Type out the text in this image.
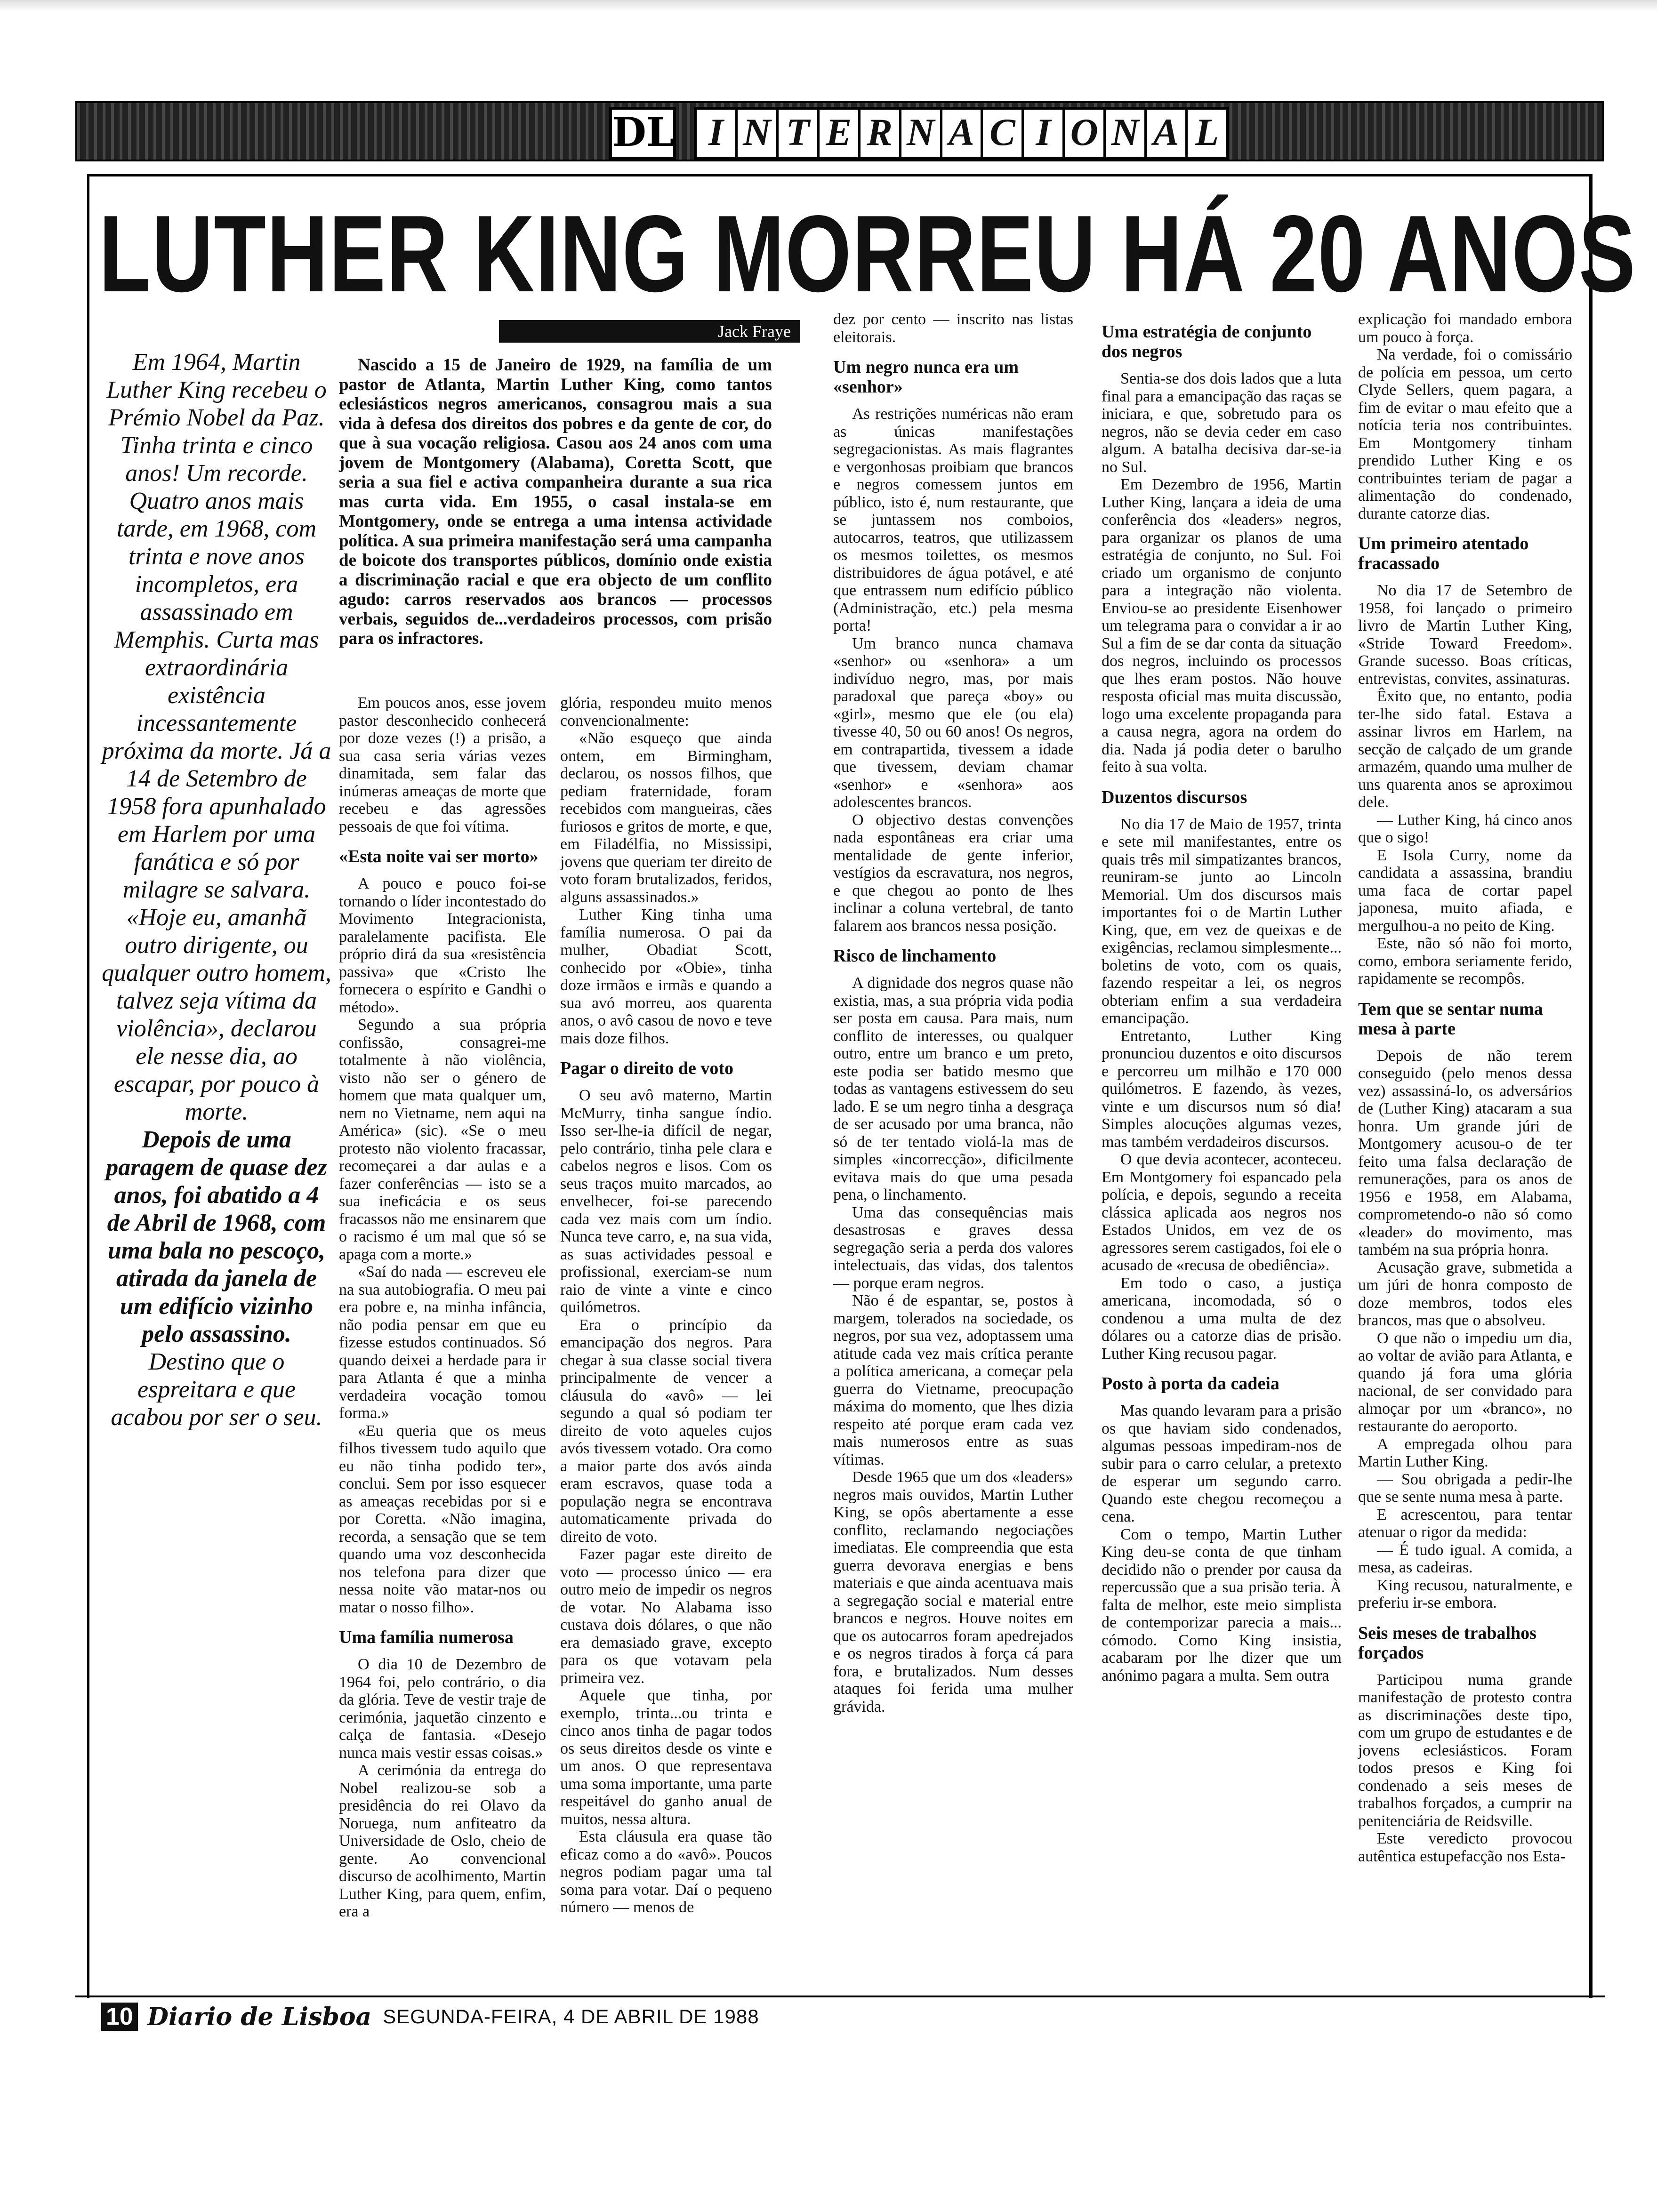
DL I N T E R N A C I O N A L
LUTHER KING MORREU HÁ 20 ANOS
Jack Fraye

Em 1964, Martin Luther King recebeu o Prémio Nobel da Paz. Tinha trinta e cinco anos! Um recorde. Quatro anos mais tarde, em 1968, com trinta e nove anos incompletos, era assassinado em Memphis. Curta mas extraordinária existência incessantemente próxima da morte. Já a 14 de Setembro de 1958 fora apunhalado em Harlem por uma fanática e só por milagre se salvara. «Hoje eu, amanhã outro dirigente, ou qualquer outro homem, talvez seja vítima da violência», declarou ele nesse dia, ao escapar, por pouco à morte.

Depois de uma paragem de quase dez anos, foi abatido a 4 de Abril de 1968, com uma bala no pescoço, atirada da janela de um edifício vizinho pelo assassino.

Destino que o espreitara e que acabou por ser o seu.

Nascido a 15 de Janeiro de 1929, na família de um pastor de Atlanta, Martin Luther King, como tantos eclesiásticos negros americanos, consagrou mais a sua vida à defesa dos direitos dos pobres e da gente de cor, do que à sua vocação religiosa. Casou aos 24 anos com uma jovem de Montgomery (Alabama), Coretta Scott, que seria a sua fiel e activa companheira durante a sua rica mas curta vida. Em 1955, o casal instala-se em Montgomery, onde se entrega a uma intensa actividade política. A sua primeira manifestação será uma campanha de boicote dos transportes públicos, domínio onde existia a discriminação racial e que era objecto de um conflito agudo: carros reservados aos brancos — processos verbais, seguidos de...verdadeiros processos, com prisão para os infractores.

Em poucos anos, esse jovem pastor desconhecido conhecerá por doze vezes (!) a prisão, a sua casa seria várias vezes dinamitada, sem falar das inúmeras ameaças de morte que recebeu e das agressões pessoais de que foi vítima.

«Esta noite vai ser morto»

A pouco e pouco foi-se tornando o líder incontestado do Movimento Integracionista, paralelamente pacifista. Ele próprio dirá da sua «resistência passiva» que «Cristo lhe fornecera o espírito e Gandhi o método».

Segundo a sua própria confissão, consagrei-me totalmente à não violência, visto não ser o género de homem que mata qualquer um, nem no Vietname, nem aqui na América» (sic). «Se o meu protesto não violento fracassar, recomeçarei a dar aulas e a fazer conferências — isto se a sua ineficácia e os seus fracassos não me ensinarem que o racismo é um mal que só se apaga com a morte.»

«Saí do nada — escreveu ele na sua autobiografia. O meu pai era pobre e, na minha infância, não podia pensar em que eu fizesse estudos continuados. Só quando deixei a herdade para ir para Atlanta é que a minha verdadeira vocação tomou forma.»

«Eu queria que os meus filhos tivessem tudo aquilo que eu não tinha podido ter», conclui. Sem por isso esquecer as ameaças recebidas por si e por Coretta. «Não imagina, recorda, a sensação que se tem quando uma voz desconhecida nos telefona para dizer que nessa noite vão matar-nos ou matar o nosso filho».

Uma família numerosa

O dia 10 de Dezembro de 1964 foi, pelo contrário, o dia da glória. Teve de vestir traje de cerimónia, jaquetão cinzento e calça de fantasia. «Desejo nunca mais vestir essas coisas.»

A cerimónia da entrega do Nobel realizou-se sob a presidência do rei Olavo da Noruega, num anfiteatro da Universidade de Oslo, cheio de gente. Ao convencional discurso de acolhimento, Martin Luther King, para quem, enfim, era a

glória, respondeu muito menos convencionalmente:

«Não esqueço que ainda ontem, em Birmingham, declarou, os nossos filhos, que pediam fraternidade, foram recebidos com mangueiras, cães furiosos e gritos de morte, e que, em Filadélfia, no Mississipi, jovens que queriam ter direito de voto foram brutalizados, feridos, alguns assassinados.»

Luther King tinha uma família numerosa. O pai da mulher, Obadiat Scott, conhecido por «Obie», tinha doze irmãos e irmãs e quando a sua avó morreu, aos quarenta anos, o avô casou de novo e teve mais doze filhos.

Pagar o direito de voto

O seu avô materno, Martin McMurry, tinha sangue índio. Isso ser-lhe-ia difícil de negar, pelo contrário, tinha pele clara e cabelos negros e lisos. Com os seus traços muito marcados, ao envelhecer, foi-se parecendo cada vez mais com um índio. Nunca teve carro, e, na sua vida, as suas actividades pessoal e profissional, exerciam-se num raio de vinte a vinte e cinco quilómetros.

Era o princípio da emancipação dos negros. Para chegar à sua classe social tivera principalmente de vencer a cláusula do «avô» — lei segundo a qual só podiam ter direito de voto aqueles cujos avós tivessem votado. Ora como a maior parte dos avós ainda eram escravos, quase toda a população negra se encontrava automaticamente privada do direito de voto.

Fazer pagar este direito de voto — processo único — era outro meio de impedir os negros de votar. No Alabama isso custava dois dólares, o que não era demasiado grave, excepto para os que votavam pela primeira vez.

Aquele que tinha, por exemplo, trinta...ou trinta e cinco anos tinha de pagar todos os seus direitos desde os vinte e um anos. O que representava uma soma importante, uma parte respeitável do ganho anual de muitos, nessa altura.

Esta cláusula era quase tão eficaz como a do «avô». Poucos negros podiam pagar uma tal soma para votar. Daí o pequeno número — menos de

dez por cento — inscrito nas listas eleitorais.

Um negro nunca era um «senhor»

As restrições numéricas não eram as únicas manifestações segregacionistas. As mais flagrantes e vergonhosas proibiam que brancos e negros comessem juntos em público, isto é, num restaurante, que se juntassem nos comboios, autocarros, teatros, que utilizassem os mesmos toilettes, os mesmos distribuidores de água potável, e até que entrassem num edifício público (Administração, etc.) pela mesma porta!

Um branco nunca chamava «senhor» ou «senhora» a um indivíduo negro, mas, por mais paradoxal que pareça «boy» ou «girl», mesmo que ele (ou ela) tivesse 40, 50 ou 60 anos! Os negros, em contrapartida, tivessem a idade que tivessem, deviam chamar «senhor» e «senhora» aos adolescentes brancos.

O objectivo destas convenções nada espontâneas era criar uma mentalidade de gente inferior, vestígios da escravatura, nos negros, e que chegou ao ponto de lhes inclinar a coluna vertebral, de tanto falarem aos brancos nessa posição.

Risco de linchamento

A dignidade dos negros quase não existia, mas, a sua própria vida podia ser posta em causa. Para mais, num conflito de interesses, ou qualquer outro, entre um branco e um preto, este podia ser batido mesmo que todas as vantagens estivessem do seu lado. E se um negro tinha a desgraça de ser acusado por uma branca, não só de ter tentado violá-la mas de simples «incorrecção», dificilmente evitava mais do que uma pesada pena, o linchamento.

Uma das consequências mais desastrosas e graves dessa segregação seria a perda dos valores intelectuais, das vidas, dos talentos — porque eram negros.

Não é de espantar, se, postos à margem, tolerados na sociedade, os negros, por sua vez, adoptassem uma atitude cada vez mais crítica perante a política americana, a começar pela guerra do Vietname, preocupação máxima do momento, que lhes dizia respeito até porque eram cada vez mais numerosos entre as suas vítimas.

Desde 1965 que um dos «leaders» negros mais ouvidos, Martin Luther King, se opôs abertamente a esse conflito, reclamando negociações imediatas. Ele compreendia que esta guerra devorava energias e bens materiais e que ainda acentuava mais a segregação social e material entre brancos e negros. Houve noites em que os autocarros foram apedrejados e os negros tirados à força cá para fora, e brutalizados. Num desses ataques foi ferida uma mulher grávida.

Uma estratégia de conjunto dos negros

Sentia-se dos dois lados que a luta final para a emancipação das raças se iniciara, e que, sobretudo para os negros, não se devia ceder em caso algum. A batalha decisiva dar-se-ia no Sul.

Em Dezembro de 1956, Martin Luther King, lançara a ideia de uma conferência dos «leaders» negros, para organizar os planos de uma estratégia de conjunto, no Sul. Foi criado um organismo de conjunto para a integração não violenta. Enviou-se ao presidente Eisenhower um telegrama para o convidar a ir ao Sul a fim de se dar conta da situação dos negros, incluindo os processos que lhes eram postos. Não houve resposta oficial mas muita discussão, logo uma excelente propaganda para a causa negra, agora na ordem do dia. Nada já podia deter o barulho feito à sua volta.

Duzentos discursos

No dia 17 de Maio de 1957, trinta e sete mil manifestantes, entre os quais três mil simpatizantes brancos, reuniram-se junto ao Lincoln Memorial. Um dos discursos mais importantes foi o de Martin Luther King, que, em vez de queixas e de exigências, reclamou simplesmente... boletins de voto, com os quais, fazendo respeitar a lei, os negros obteriam enfim a sua verdadeira emancipação.

Entretanto, Luther King pronunciou duzentos e oito discursos e percorreu um milhão e 170 000 quilómetros. E fazendo, às vezes, vinte e um discursos num só dia! Simples alocuções algumas vezes, mas também verdadeiros discursos.

O que devia acontecer, aconteceu. Em Montgomery foi espancado pela polícia, e depois, segundo a receita clássica aplicada aos negros nos Estados Unidos, em vez de os agressores serem castigados, foi ele o acusado de «recusa de obediência».

Em todo o caso, a justiça americana, incomodada, só o condenou a uma multa de dez dólares ou a catorze dias de prisão. Luther King recusou pagar.

Posto à porta da cadeia

Mas quando levaram para a prisão os que haviam sido condenados, algumas pessoas impediram-nos de subir para o carro celular, a pretexto de esperar um segundo carro. Quando este chegou recomeçou a cena.

Com o tempo, Martin Luther King deu-se conta de que tinham decidido não o prender por causa da repercussão que a sua prisão teria. À falta de melhor, este meio simplista de contemporizar parecia a mais... cómodo. Como King insistia, acabaram por lhe dizer que um anónimo pagara a multa. Sem outra

explicação foi mandado embora um pouco à força.

Na verdade, foi o comissário de polícia em pessoa, um certo Clyde Sellers, quem pagara, a fim de evitar o mau efeito que a notícia teria nos contribuintes. Em Montgomery tinham prendido Luther King e os contribuintes teriam de pagar a alimentação do condenado, durante catorze dias.

Um primeiro atentado fracassado

No dia 17 de Setembro de 1958, foi lançado o primeiro livro de Martin Luther King, «Stride Toward Freedom». Grande sucesso. Boas críticas, entrevistas, convites, assinaturas.

Êxito que, no entanto, podia ter-lhe sido fatal. Estava a assinar livros em Harlem, na secção de calçado de um grande armazém, quando uma mulher de uns quarenta anos se aproximou dele.

— Luther King, há cinco anos que o sigo!

E Isola Curry, nome da candidata a assassina, brandiu uma faca de cortar papel japonesa, muito afiada, e mergulhou-a no peito de King.

Este, não só não foi morto, como, embora seriamente ferido, rapidamente se recompôs.

Tem que se sentar numa mesa à parte

Depois de não terem conseguido (pelo menos dessa vez) assassiná-lo, os adversários de (Luther King) atacaram a sua honra. Um grande júri de Montgomery acusou-o de ter feito uma falsa declaração de remunerações, para os anos de 1956 e 1958, em Alabama, comprometendo-o não só como «leader» do movimento, mas também na sua própria honra.

Acusação grave, submetida a um júri de honra composto de doze membros, todos eles brancos, mas que o absolveu.

O que não o impediu um dia, ao voltar de avião para Atlanta, e quando já fora uma glória nacional, de ser convidado para almoçar por um «branco», no restaurante do aeroporto.

A empregada olhou para Martin Luther King.

— Sou obrigada a pedir-lhe que se sente numa mesa à parte.

E acrescentou, para tentar atenuar o rigor da medida:

— É tudo igual. A comida, a mesa, as cadeiras.

King recusou, naturalmente, e preferiu ir-se embora.

Seis meses de trabalhos forçados

Participou numa grande manifestação de protesto contra as discriminações deste tipo, com um grupo de estudantes e de jovens eclesiásticos. Foram todos presos e King foi condenado a seis meses de trabalhos forçados, a cumprir na penitenciária de Reidsville.

Este veredicto provocou autêntica estupefacção nos Esta-

10 Diario de Lisboa SEGUNDA-FEIRA, 4 DE ABRIL DE 1988
